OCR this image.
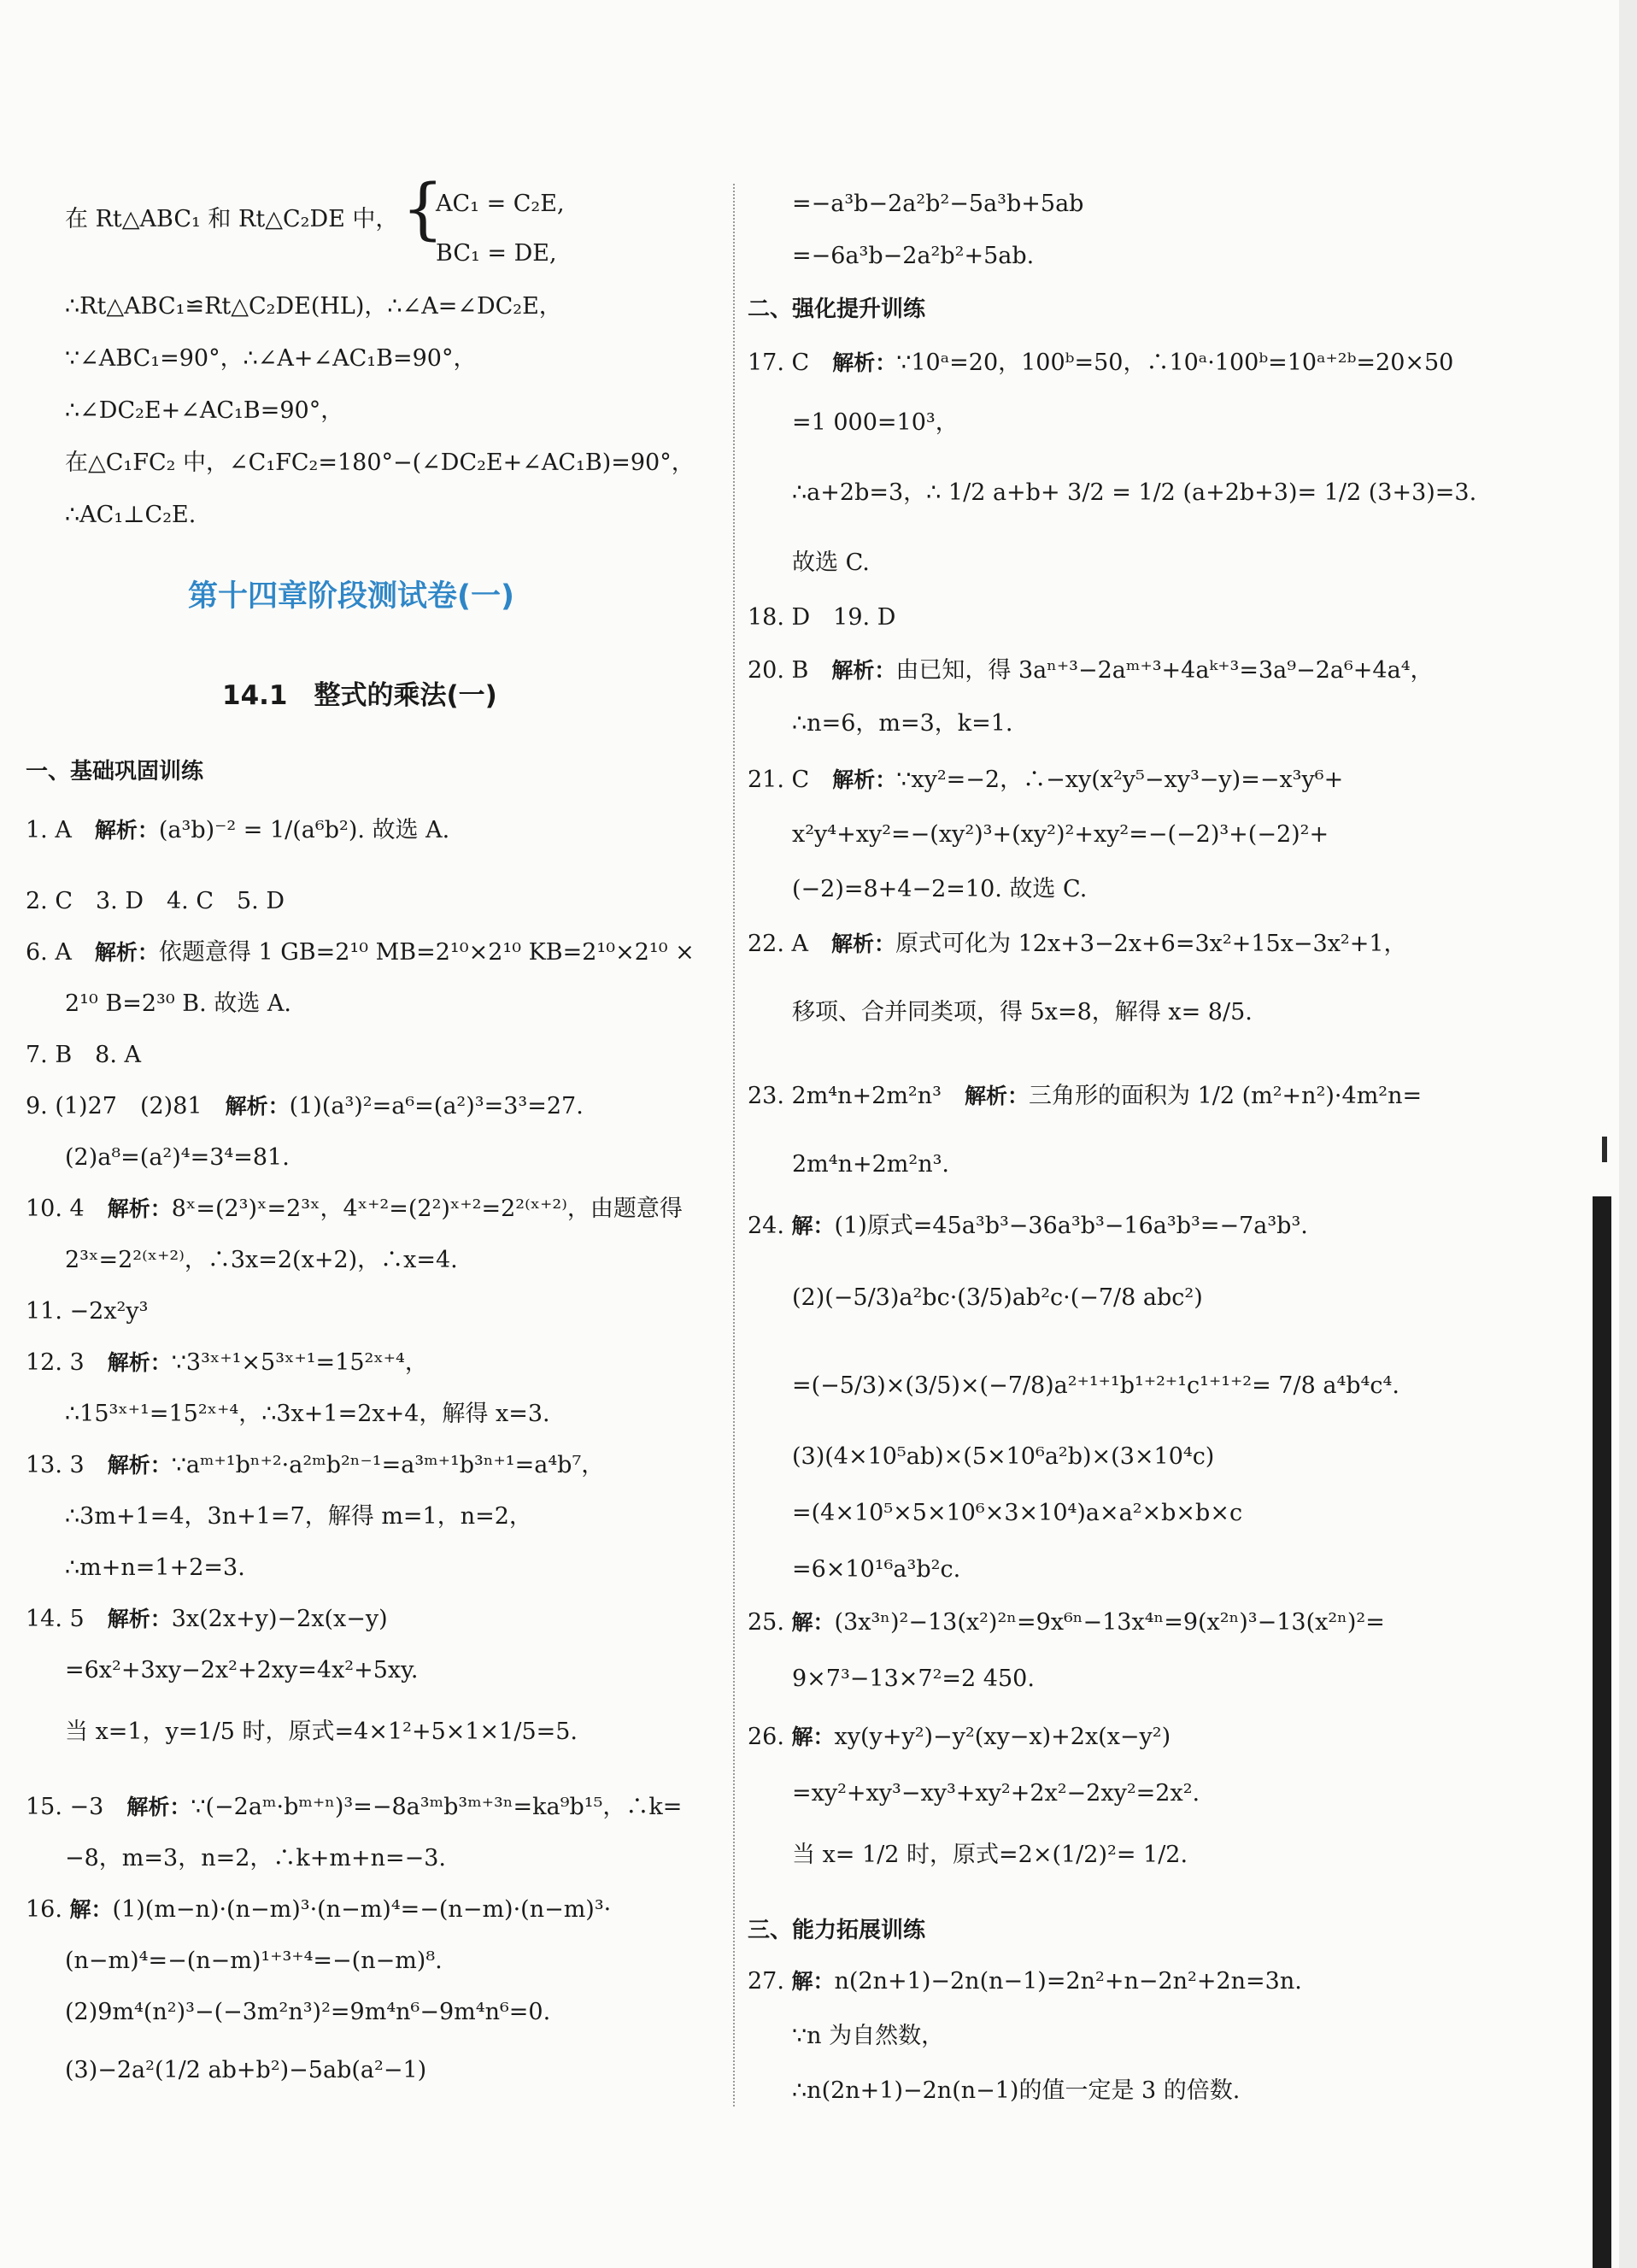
在 Rt△ABC₁ 和 Rt△C₂DE 中， {
AC₁ = C₂E,
BC₁ = DE,
∴Rt△ABC₁≌Rt△C₂DE(HL)，∴∠A=∠DC₂E，
∵∠ABC₁=90°，∴∠A+∠AC₁B=90°，
∴∠DC₂E+∠AC₁B=90°，
在△C₁FC₂ 中，∠C₁FC₂=180°−(∠DC₂E+∠AC₁B)=90°，
∴AC₁⊥C₂E.
第十四章阶段测试卷(一)
14.1　整式的乘法(一)
一、基础巩固训练
1. A　解析：(a³b)⁻² = 1/(a⁶b²). 故选 A.
2. C　3. D　4. C　5. D
6. A　解析：依题意得 1 GB=2¹⁰ MB=2¹⁰×2¹⁰ KB=2¹⁰×2¹⁰ ×
2¹⁰ B=2³⁰ B. 故选 A.
7. B　8. A
9. (1)27　(2)81　解析：(1)(a³)²=a⁶=(a²)³=3³=27.
(2)a⁸=(a²)⁴=3⁴=81.
10. 4　解析：8ˣ=(2³)ˣ=2³ˣ，4ˣ⁺²=(2²)ˣ⁺²=2²⁽ˣ⁺²⁾，由题意得
2³ˣ=2²⁽ˣ⁺²⁾，∴3x=2(x+2)，∴x=4.
11. −2x²y³
12. 3　解析：∵3³ˣ⁺¹×5³ˣ⁺¹=15²ˣ⁺⁴，
∴15³ˣ⁺¹=15²ˣ⁺⁴，∴3x+1=2x+4，解得 x=3.
13. 3　解析：∵aᵐ⁺¹bⁿ⁺²·a²ᵐb²ⁿ⁻¹=a³ᵐ⁺¹b³ⁿ⁺¹=a⁴b⁷，
∴3m+1=4，3n+1=7，解得 m=1，n=2，
∴m+n=1+2=3.
14. 5　解析：3x(2x+y)−2x(x−y)
=6x²+3xy−2x²+2xy=4x²+5xy.
当 x=1，y=1/5 时，原式=4×1²+5×1×1/5=5.
15. −3　解析：∵(−2aᵐ·bᵐ⁺ⁿ)³=−8a³ᵐb³ᵐ⁺³ⁿ=ka⁹b¹⁵，∴k=
−8，m=3，n=2，∴k+m+n=−3.
16. 解：(1)(m−n)·(n−m)³·(n−m)⁴=−(n−m)·(n−m)³·
(n−m)⁴=−(n−m)¹⁺³⁺⁴=−(n−m)⁸.
(2)9m⁴(n²)³−(−3m²n³)²=9m⁴n⁶−9m⁴n⁶=0.
(3)−2a²(1/2 ab+b²)−5ab(a²−1)
=−a³b−2a²b²−5a³b+5ab
=−6a³b−2a²b²+5ab.
二、强化提升训练
17. C　解析：∵10ᵃ=20，100ᵇ=50，∴10ᵃ·100ᵇ=10ᵃ⁺²ᵇ=20×50
=1 000=10³，
∴a+2b=3，∴ 1/2 a+b+ 3/2 = 1/2 (a+2b+3)= 1/2 (3+3)=3.
故选 C.
18. D　19. D
20. B　解析：由已知，得 3aⁿ⁺³−2aᵐ⁺³+4aᵏ⁺³=3a⁹−2a⁶+4a⁴，
∴n=6，m=3，k=1.
21. C　解析：∵xy²=−2，∴−xy(x²y⁵−xy³−y)=−x³y⁶+
x²y⁴+xy²=−(xy²)³+(xy²)²+xy²=−(−2)³+(−2)²+
(−2)=8+4−2=10. 故选 C.
22. A　解析：原式可化为 12x+3−2x+6=3x²+15x−3x²+1，
移项、合并同类项，得 5x=8，解得 x= 8/5.
23. 2m⁴n+2m²n³　解析：三角形的面积为 1/2 (m²+n²)·4m²n=
2m⁴n+2m²n³.
24. 解：(1)原式=45a³b³−36a³b³−16a³b³=−7a³b³.
(2)(−5/3)a²bc·(3/5)ab²c·(−7/8 abc²)
=(−5/3)×(3/5)×(−7/8)a²⁺¹⁺¹b¹⁺²⁺¹c¹⁺¹⁺²= 7/8 a⁴b⁴c⁴.
(3)(4×10⁵ab)×(5×10⁶a²b)×(3×10⁴c)
=(4×10⁵×5×10⁶×3×10⁴)a×a²×b×b×c
=6×10¹⁶a³b²c.
25. 解：(3x³ⁿ)²−13(x²)²ⁿ=9x⁶ⁿ−13x⁴ⁿ=9(x²ⁿ)³−13(x²ⁿ)²=
9×7³−13×7²=2 450.
26. 解：xy(y+y²)−y²(xy−x)+2x(x−y²)
=xy²+xy³−xy³+xy²+2x²−2xy²=2x².
当 x= 1/2 时，原式=2×(1/2)²= 1/2.
三、能力拓展训练
27. 解：n(2n+1)−2n(n−1)=2n²+n−2n²+2n=3n.
∵n 为自然数，
∴n(2n+1)−2n(n−1)的值一定是 3 的倍数.
